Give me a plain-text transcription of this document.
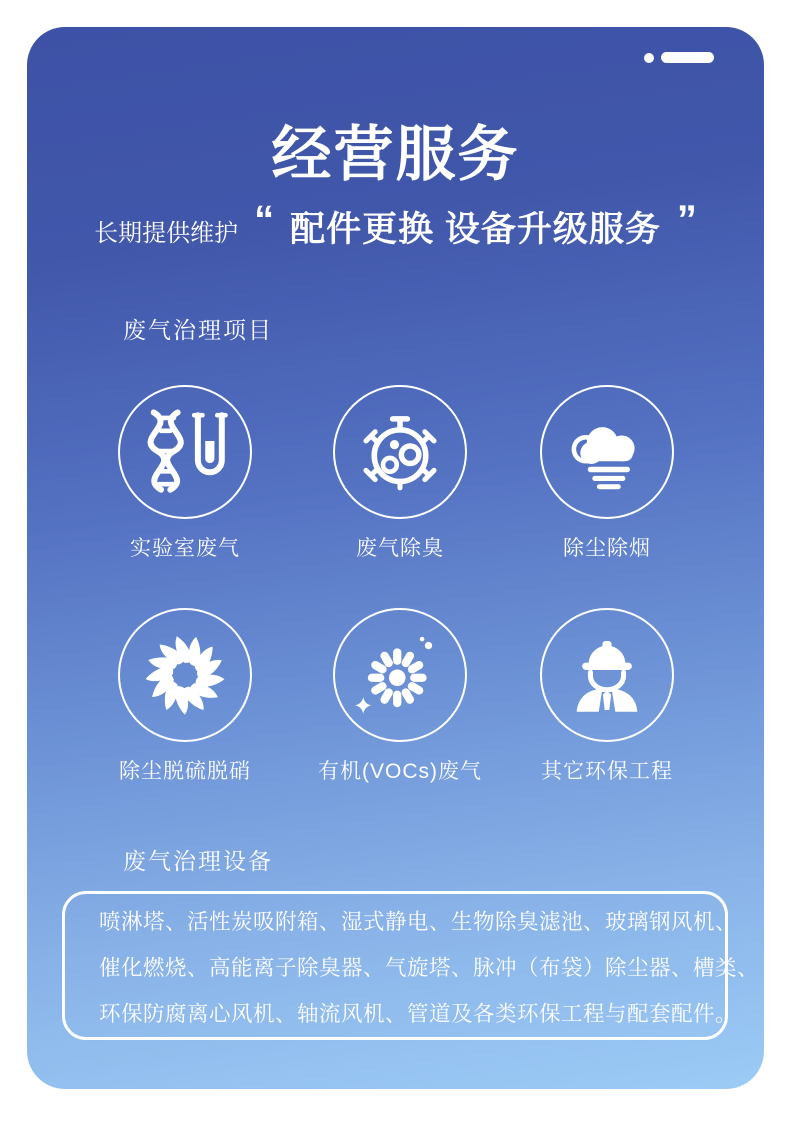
经营服务
长期提供维护 “ 配件更换 设备升级服务 ”
废气治理项目
实验室废气	废气除臭	除尘除烟
除尘脱硫脱硝	有机(VOCs)废气	其它环保工程
废气治理设备
喷淋塔、活性炭吸附箱、湿式静电、生物除臭滤池、玻璃钢风机、
催化燃烧、高能离子除臭器、气旋塔、脉冲（布袋）除尘器、槽类、
环保防腐离心风机、轴流风机、管道及各类环保工程与配套配件。
